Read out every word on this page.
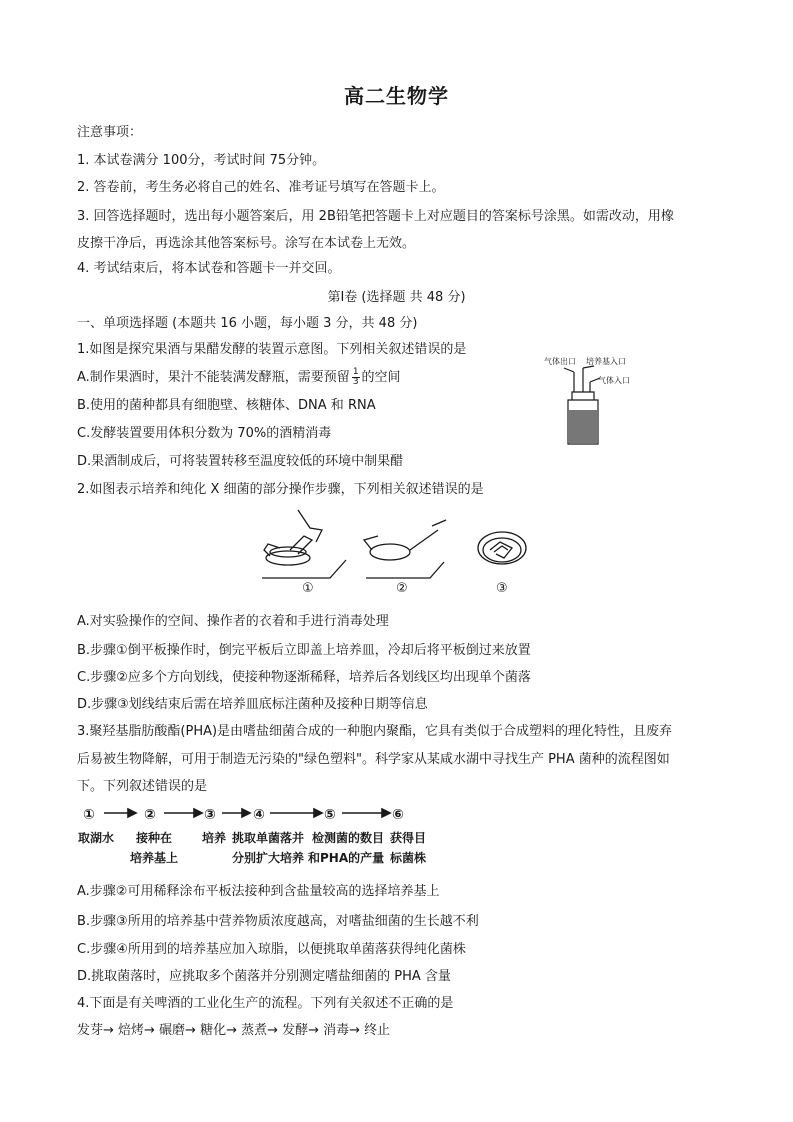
高二生物学
注意事项：
1. 本试卷满分 100分，考试时间 75分钟。
2. 答卷前，考生务必将自己的姓名、准考证号填写在答题卡上。
3. 回答选择题时，选出每小题答案后，用 2B铅笔把答题卡上对应题目的答案标号涂黑。如需改动，用橡
皮擦干净后，再选涂其他答案标号。涂写在本试卷上无效。
4. 考试结束后，将本试卷和答题卡一并交回。
第Ⅰ卷 (选择题 共 48 分)
一、单项选择题 (本题共 16 小题，每小题 3 分，共 48 分)
1.如图是探究果酒与果醋发酵的装置示意图。下列相关叙述错误的是
A.制作果酒时，果汁不能装满发酵瓶，需要预留 $\frac{1}{3}$ 的空间
B.使用的菌种都具有细胞壁、核糖体、DNA 和 RNA
C.发酵装置要用体积分数为 70%的酒精消毒
D.果酒制成后，可将装置转移至温度较低的环境中制果醋
气体出口 培养基入口
气体入口
2.如图表示培养和纯化 X 细菌的部分操作步骤，下列相关叙述错误的是
①	②	③
A.对实验操作的空间、操作者的衣着和手进行消毒处理
B.步骤①倒平板操作时，倒完平板后立即盖上培养皿，冷却后将平板倒过来放置
C.步骤②应多个方向划线，使接种物逐渐稀释，培养后各划线区均出现单个菌落
D.步骤③划线结束后需在培养皿底标注菌种及接种日期等信息
3.聚羟基脂肪酸酯(PHA)是由嗜盐细菌合成的一种胞内聚酯，它具有类似于合成塑料的理化特性，且废弃
后易被生物降解，可用于制造无污染的"绿色塑料"。科学家从某咸水湖中寻找生产 PHA 菌种的流程图如
下。下列叙述错误的是
①	②	③	④	⑤	⑥
取湖水 接种在
培养基上
培养 挑取单菌落并
分别扩大培养
检测菌的数目
和PHA的产量
获得目
标菌株
A.步骤②可用稀释涂布平板法接种到含盐量较高的选择培养基上
B.步骤③所用的培养基中营养物质浓度越高，对嗜盐细菌的生长越不利
C.步骤④所用到的培养基应加入琼脂，以便挑取单菌落获得纯化菌株
D.挑取菌落时，应挑取多个菌落并分别测定嗜盐细菌的 PHA 含量
4.下面是有关啤酒的工业化生产的流程。下列有关叙述不正确的是
发芽→ 焙烤→ 碾磨→ 糖化→ 蒸煮→ 发酵→ 消毒→ 终止
